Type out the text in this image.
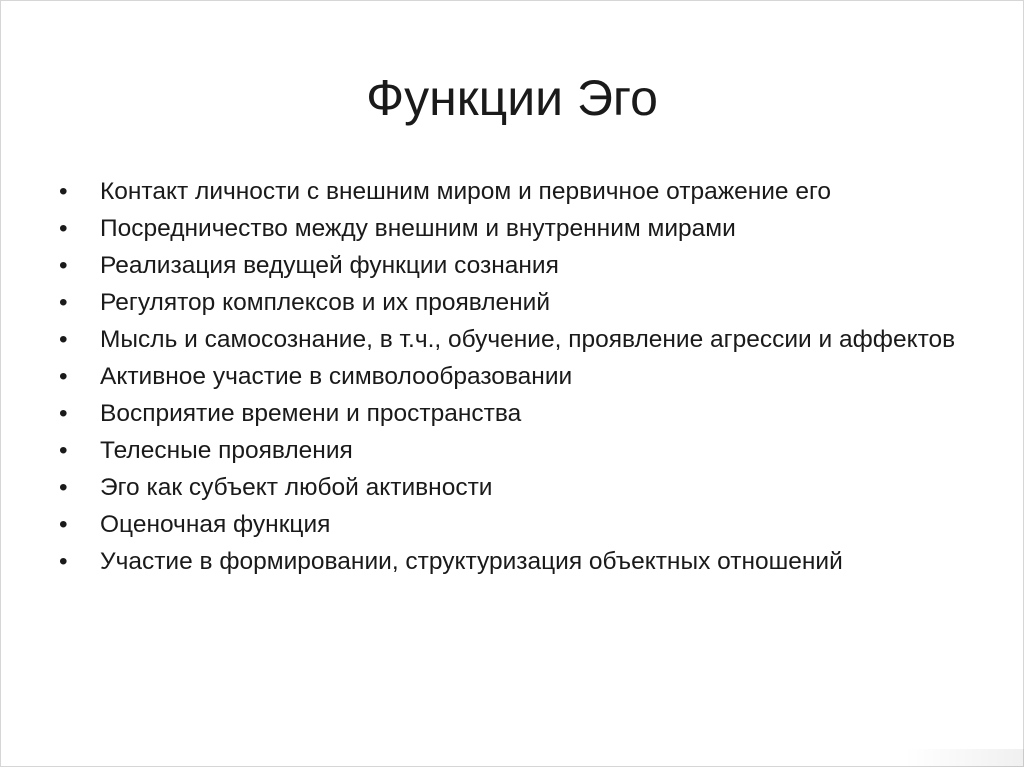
Функции Эго
•	Контакт личности с внешним миром и первичное отражение его
•	Посредничество между внешним и внутренним мирами
•	Реализация ведущей функции сознания
•	Регулятор комплексов и их проявлений
•	Мысль и самосознание, в т.ч., обучение, проявление агрессии и аффектов
•	Активное участие в символообразовании
•	Восприятие времени и пространства
•	Телесные проявления
•	Эго как субъект любой активности
•	Оценочная функция
•	Участие в формировании, структуризация объектных отношений
